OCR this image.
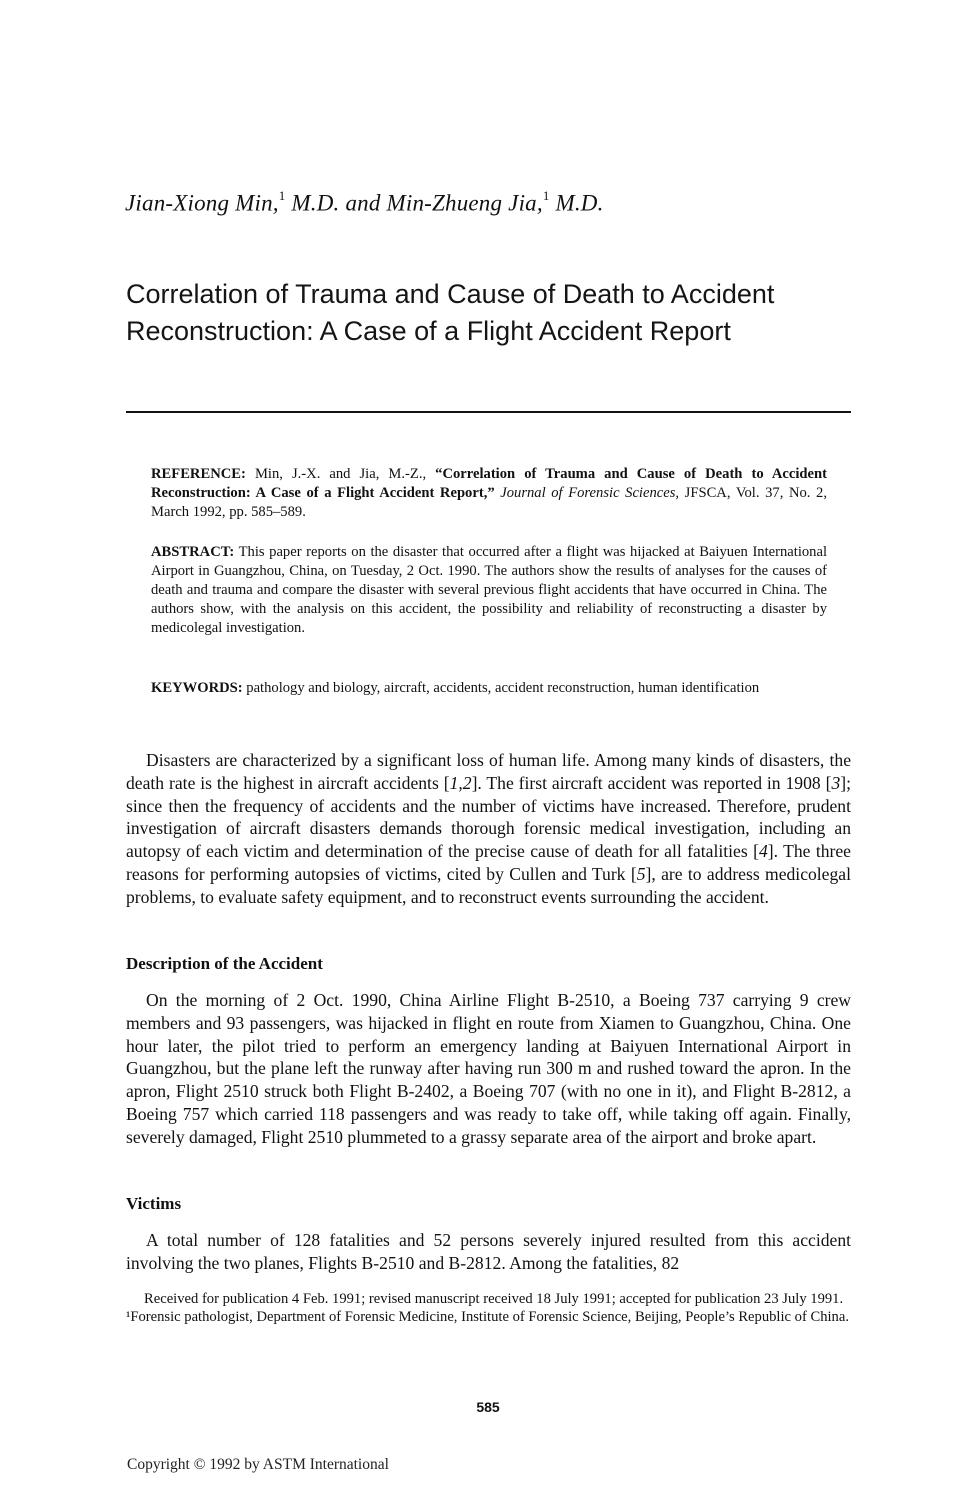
Jian-Xiong Min,$^1$ M.D. and Min-Zhueng Jia,$^1$ M.D.
Correlation of Trauma and Cause of Death to Accident
Reconstruction: A Case of a Flight Accident Report
REFERENCE: Min, J.-X. and Jia, M.-Z., “Correlation of Trauma and Cause of Death to Accident Reconstruction: A Case of a Flight Accident Report,” Journal of Forensic Sciences, JFSCA, Vol. 37, No. 2, March 1992, pp. 585–589.
ABSTRACT: This paper reports on the disaster that occurred after a flight was hijacked at Baiyuen International Airport in Guangzhou, China, on Tuesday, 2 Oct. 1990. The authors show the results of analyses for the causes of death and trauma and compare the disaster with several previous flight accidents that have occurred in China. The authors show, with the analysis on this accident, the possibility and reliability of reconstructing a disaster by medicolegal investigation.
KEYWORDS: pathology and biology, aircraft, accidents, accident reconstruction, human identification
Disasters are characterized by a significant loss of human life. Among many kinds of disasters, the death rate is the highest in aircraft accidents [1,2]. The first aircraft accident was reported in 1908 [3]; since then the frequency of accidents and the number of victims have increased. Therefore, prudent investigation of aircraft disasters demands thorough forensic medical investigation, including an autopsy of each victim and determination of the precise cause of death for all fatalities [4]. The three reasons for performing autopsies of victims, cited by Cullen and Turk [5], are to address medicolegal problems, to evaluate safety equipment, and to reconstruct events surrounding the accident.
Description of the Accident
On the morning of 2 Oct. 1990, China Airline Flight B-2510, a Boeing 737 carrying 9 crew members and 93 passengers, was hijacked in flight en route from Xiamen to Guangzhou, China. One hour later, the pilot tried to perform an emergency landing at Baiyuen International Airport in Guangzhou, but the plane left the runway after having run 300 m and rushed toward the apron. In the apron, Flight 2510 struck both Flight B-2402, a Boeing 707 (with no one in it), and Flight B-2812, a Boeing 757 which carried 118 passengers and was ready to take off, while taking off again. Finally, severely damaged, Flight 2510 plummeted to a grassy separate area of the airport and broke apart.
Victims
A total number of 128 fatalities and 52 persons severely injured resulted from this accident involving the two planes, Flights B-2510 and B-2812. Among the fatalities, 82

Received for publication 4 Feb. 1991; revised manuscript received 18 July 1991; accepted for publication 23 July 1991.

¹Forensic pathologist, Department of Forensic Medicine, Institute of Forensic Science, Beijing, People’s Republic of China.

585
Copyright © 1992 by ASTM International
